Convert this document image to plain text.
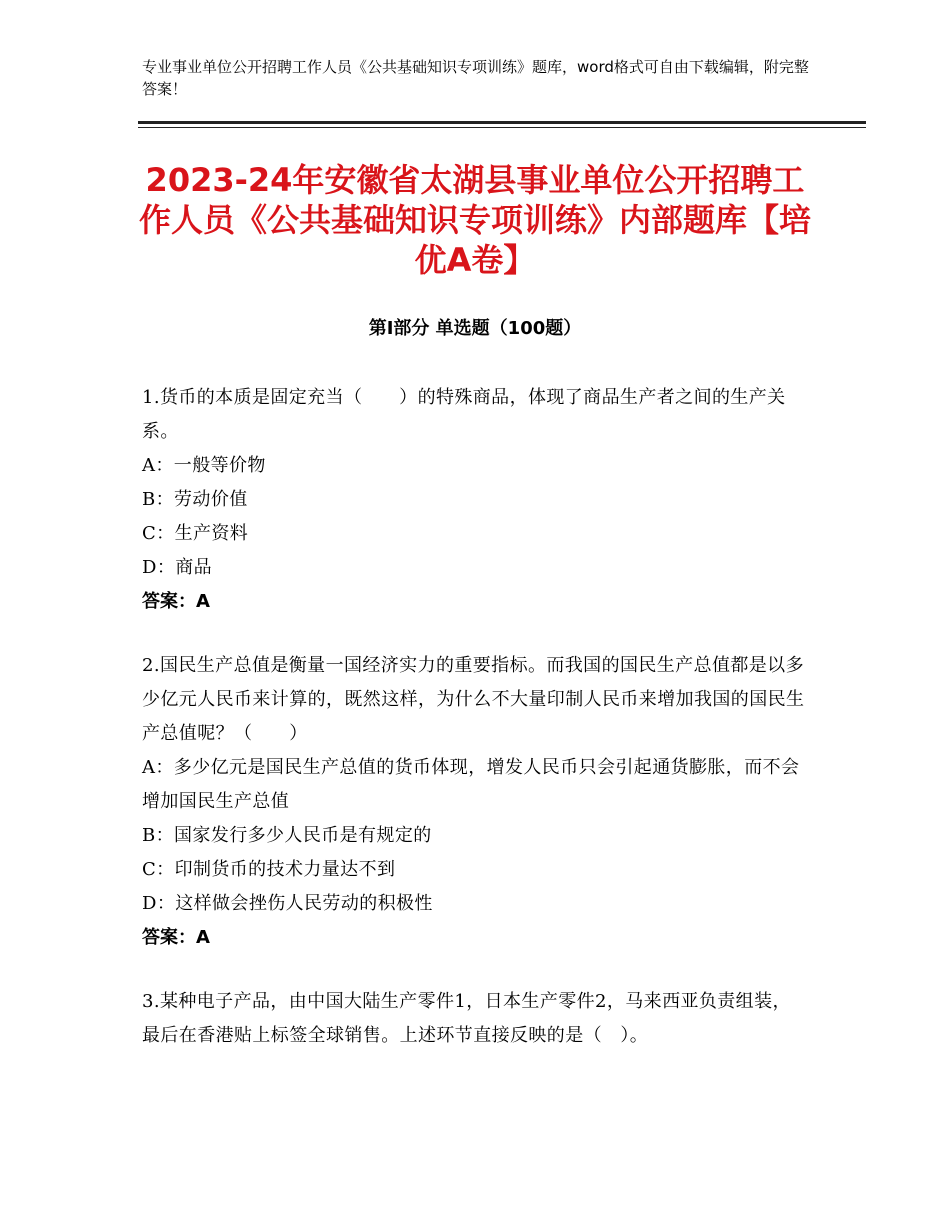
专业事业单位公开招聘工作人员《公共基础知识专项训练》题库，word格式可自由下载编辑，附完整答案！
2023-24年安徽省太湖县事业单位公开招聘工作人员《公共基础知识专项训练》内部题库【培优A卷】
第Ⅰ部分 单选题（100题）
1.货币的本质是固定充当（　　）的特殊商品，体现了商品生产者之间的生产关系。
A：一般等价物
B：劳动价值
C：生产资料
D：商品
答案：A
2.国民生产总值是衡量一国经济实力的重要指标。而我国的国民生产总值都是以多少亿元人民币来计算的，既然这样，为什么不大量印制人民币来增加我国的国民生产总值呢？（　　）
A：多少亿元是国民生产总值的货币体现，增发人民币只会引起通货膨胀，而不会增加国民生产总值
B：国家发行多少人民币是有规定的
C：印制货币的技术力量达不到
D：这样做会挫伤人民劳动的积极性
答案：A
3.某种电子产品，由中国大陆生产零件1，日本生产零件2，马来西亚负责组装，最后在香港贴上标签全球销售。上述环节直接反映的是（　）。
